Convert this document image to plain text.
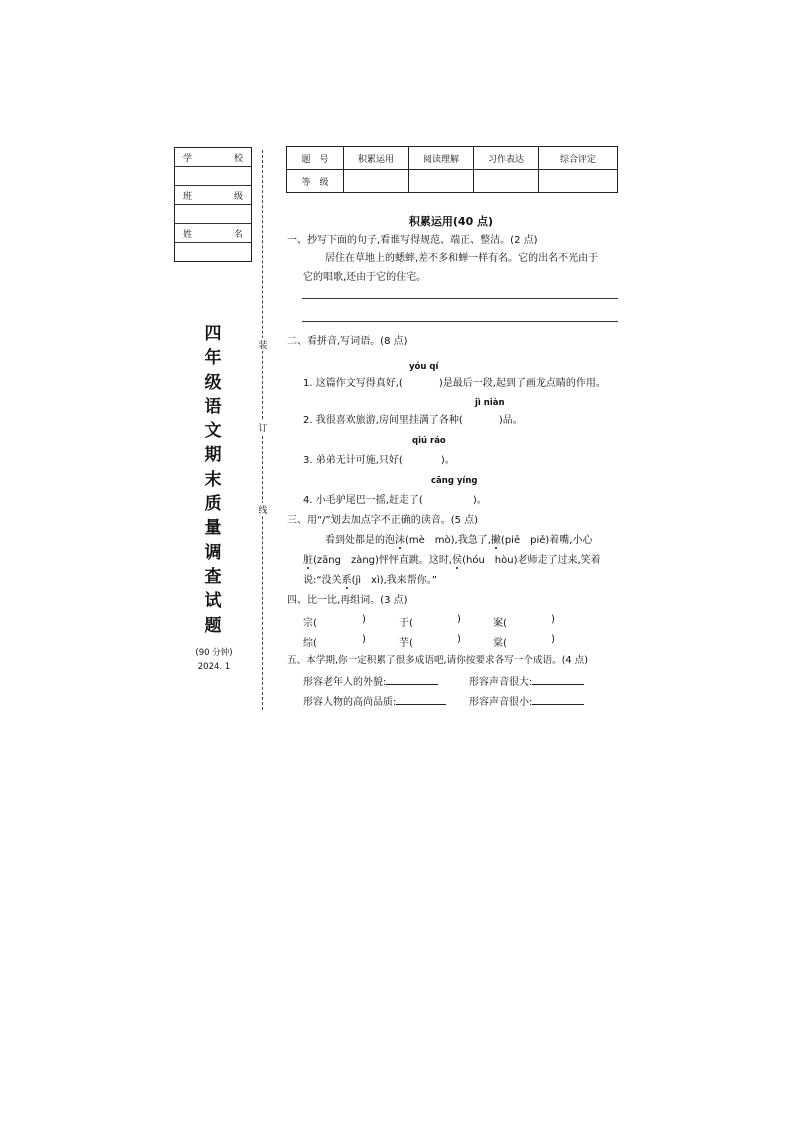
学	校
班	级
姓	名
四
年
级
语
文
期
末
质
量
调
查
试
题
(90 分钟)
2024. 1
装
订
线
题　号	积累运用	阅读理解	习作表达	综合评定
等　级				
积累运用(40 点)
一、抄写下面的句子,看谁写得规范、端正、整洁。(2 点)
居住在草地上的蟋蟀,差不多和蝉一样有名。它的出名不光由于
它的唱歌,还由于它的住宅。
二、看拼音,写词语。(8 点)
yóu qí
1. 这篇作文写得真好,(	)是最后一段,起到了画龙点睛的作用。
jì niàn
2. 我很喜欢旅游,房间里挂满了各种(	)品。
qiú ráo
3. 弟弟无计可施,只好(	)。
cāng yíng
4. 小毛驴尾巴一摇,赶走了(	)。
三、用“/”划去加点字不正确的读音。(5 点)
看到处都是的泡沫(mè　mò),我急了,撇(piē　piě)着嘴,小心
脏(zāng　zàng)怦怦直跳。这时,侯(hóu　hòu)老师走了过来,笑着
说:“没关系(jì　xì),我来帮你。”
四、比一比,再组词。(3 点)
宗(	)	于(	)	案(	)
综(	)	芋(	)	棠(	)
五、本学期,你一定积累了很多成语吧,请你按要求各写一个成语。(4 点)
形容老年人的外貌:	形容声音很大:
形容人物的高尚品质:	形容声音很小:
